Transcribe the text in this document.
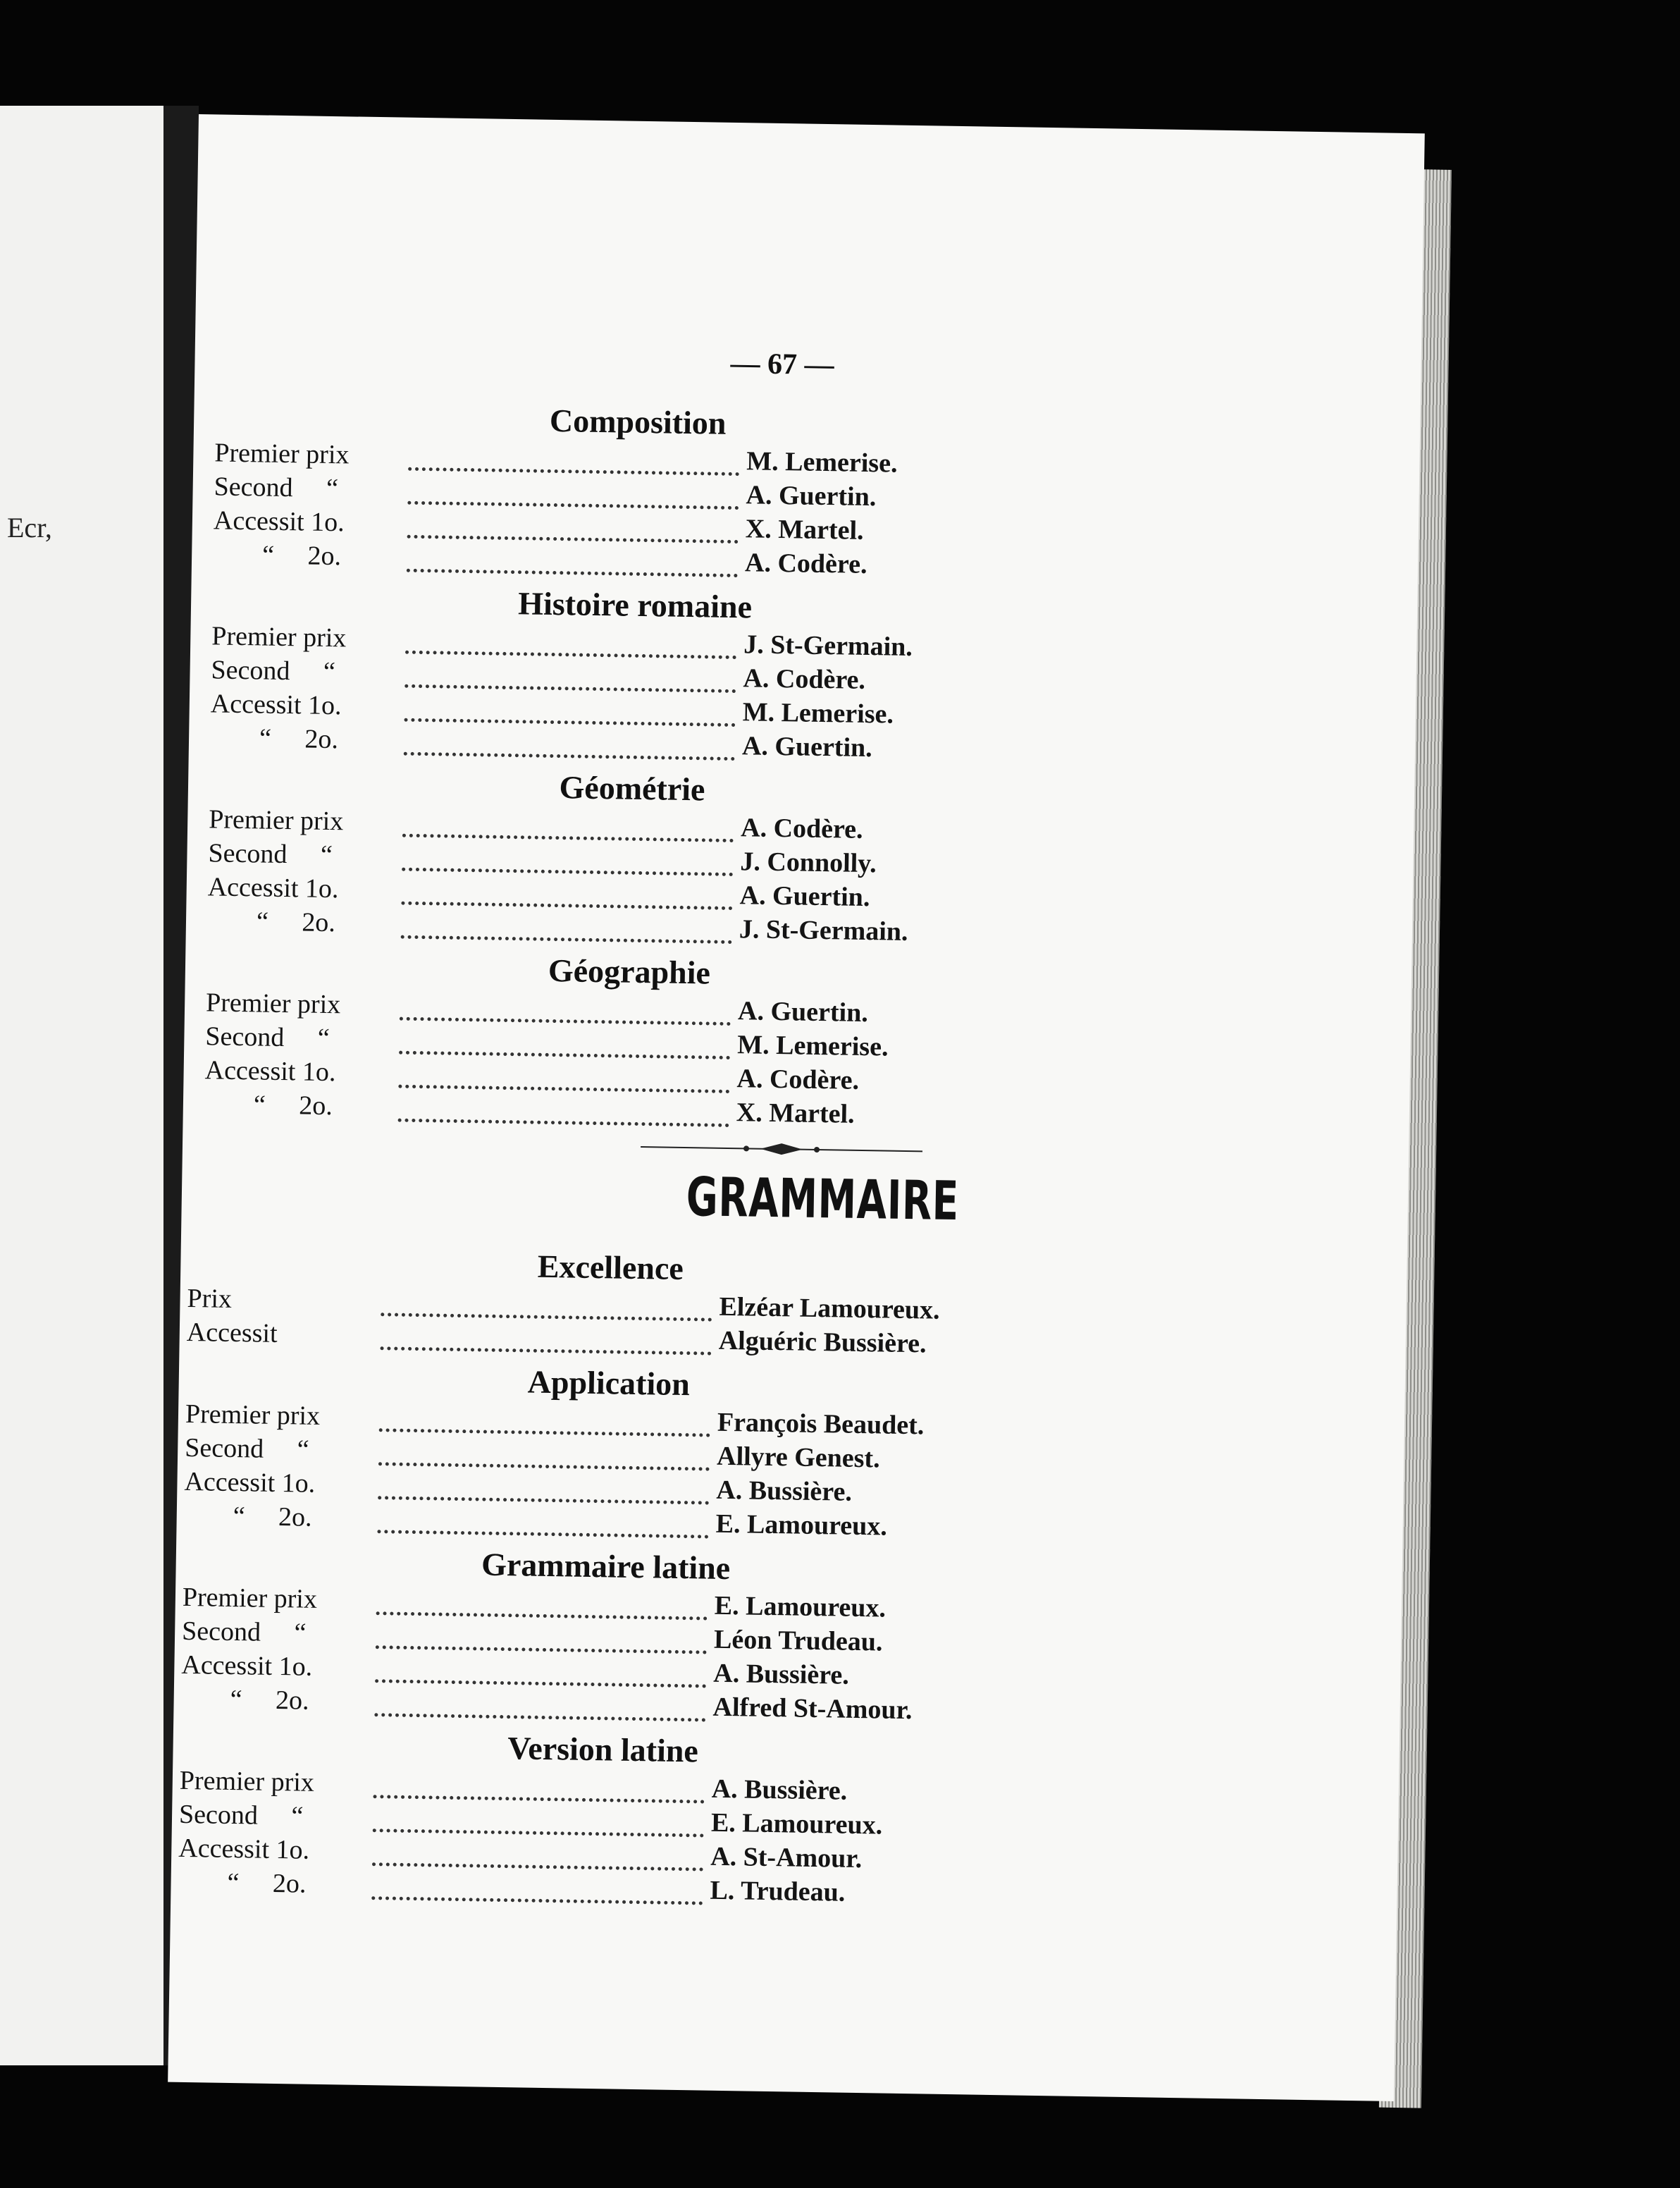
Ecr,
— 67 —
Composition
Premier prix	M. Lemerise.
Second     “	A. Guertin.
Accessit 1o.	X. Martel.
“     2o.	A. Codère.
Histoire romaine
Premier prix	J. St-Germain.
Second     “	A. Codère.
Accessit 1o.	M. Lemerise.
“     2o.	A. Guertin.
Géométrie
Premier prix	A. Codère.
Second     “	J. Connolly.
Accessit 1o.	A. Guertin.
“     2o.	J. St-Germain.
Géographie
Premier prix	A. Guertin.
Second     “	M. Lemerise.
Accessit 1o.	A. Codère.
“     2o.	X. Martel.
GRAMMAIRE
Excellence
Prix	Elzéar Lamoureux.
Accessit	Alguéric Bussière.
Application
Premier prix	François Beaudet.
Second     “	Allyre Genest.
Accessit 1o.	A. Bussière.
“     2o.	E. Lamoureux.
Grammaire latine
Premier prix	E. Lamoureux.
Second     “	Léon Trudeau.
Accessit 1o.	A. Bussière.
“     2o.	Alfred St-Amour.
Version latine
Premier prix	A. Bussière.
Second     “	E. Lamoureux.
Accessit 1o.	A. St-Amour.
“     2o.	L. Trudeau.
